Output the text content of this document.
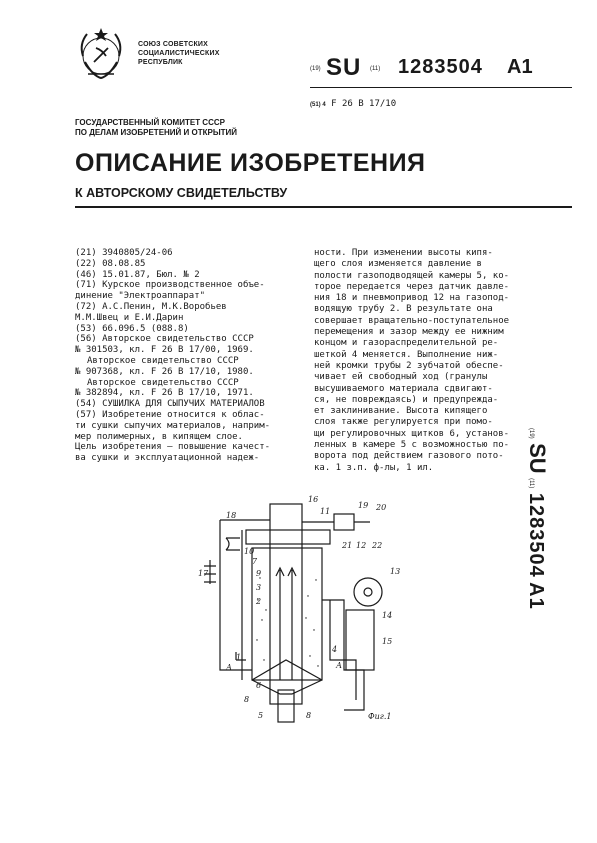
СОЮЗ СОВЕТСКИХ
СОЦИАЛИСТИЧЕСКИХ
РЕСПУБЛИК
(19) SU (11) 1283504 A1
(51) 4 F 26 B 17/10
ГОСУДАРСТВЕННЫЙ КОМИТЕТ СССР
ПО ДЕЛАМ ИЗОБРЕТЕНИЙ И ОТКРЫТИЙ
ОПИСАНИЕ ИЗОБРЕТЕНИЯ
К АВТОРСКОМУ СВИДЕТЕЛЬСТВУ
(21) 3940805/24-06
(22) 08.08.85
(46) 15.01.87, Бюл. № 2
(71) Курское производственное объе-
динение "Электроаппарат"
(72) А.С.Пенин, М.К.Воробьев
М.М.Швец и Е.И.Дарин
(53) 66.096.5 (088.8)
(56) Авторское свидетельство СССР
№ 301503, кл. F 26 B 17/00, 1969.
Авторское свидетельство СССР
№ 907368, кл. F 26 B 17/10, 1980.
Авторское свидетельство СССР
№ 382894, кл. F 26 B 17/10, 1971.
(54) СУШИЛКА ДЛЯ СЫПУЧИХ МАТЕРИАЛОВ
(57) Изобретение относится к облас-
ти сушки сыпучих материалов, наприм-
мер полимерных, в кипящем слое.
Цель изобретения – повышение качест-
ва сушки и эксплуатационной надеж-
ности. При изменении высоты кипя-
щего слоя изменяется давление в
полости газоподводящей камеры 5, ко-
торое передается через датчик давле-
ния 18 и пневмопривод 12 на газопод-
водящую трубу 2. В результате она
совершает вращательно-поступательное
перемещения и зазор между ее нижним
концом и газораспределительной ре-
шеткой 4 меняется. Выполнение ниж-
ней кромки трубы 2 зубчатой обеспе-
чивает ей свободный ход (гранулы
высушиваемого материала сдвигают-
ся, не повреждаясь) и предупрежда-
ет заклинивание. Высота кипящего
слоя также регулируется при помо-
щи регулировочных щитков 6, установ-
ленных в камере 5 с возможностью по-
ворота под действием газового пото-
ка. 1 з.п. ф-лы, 1 ил.
(19) SU (11) 1283504 A1
18
16
11
19 20
10
7
21 12 22
9	13
17
3
2
14
15
4
А
1
6
А
8
5	8	Фиг.1
